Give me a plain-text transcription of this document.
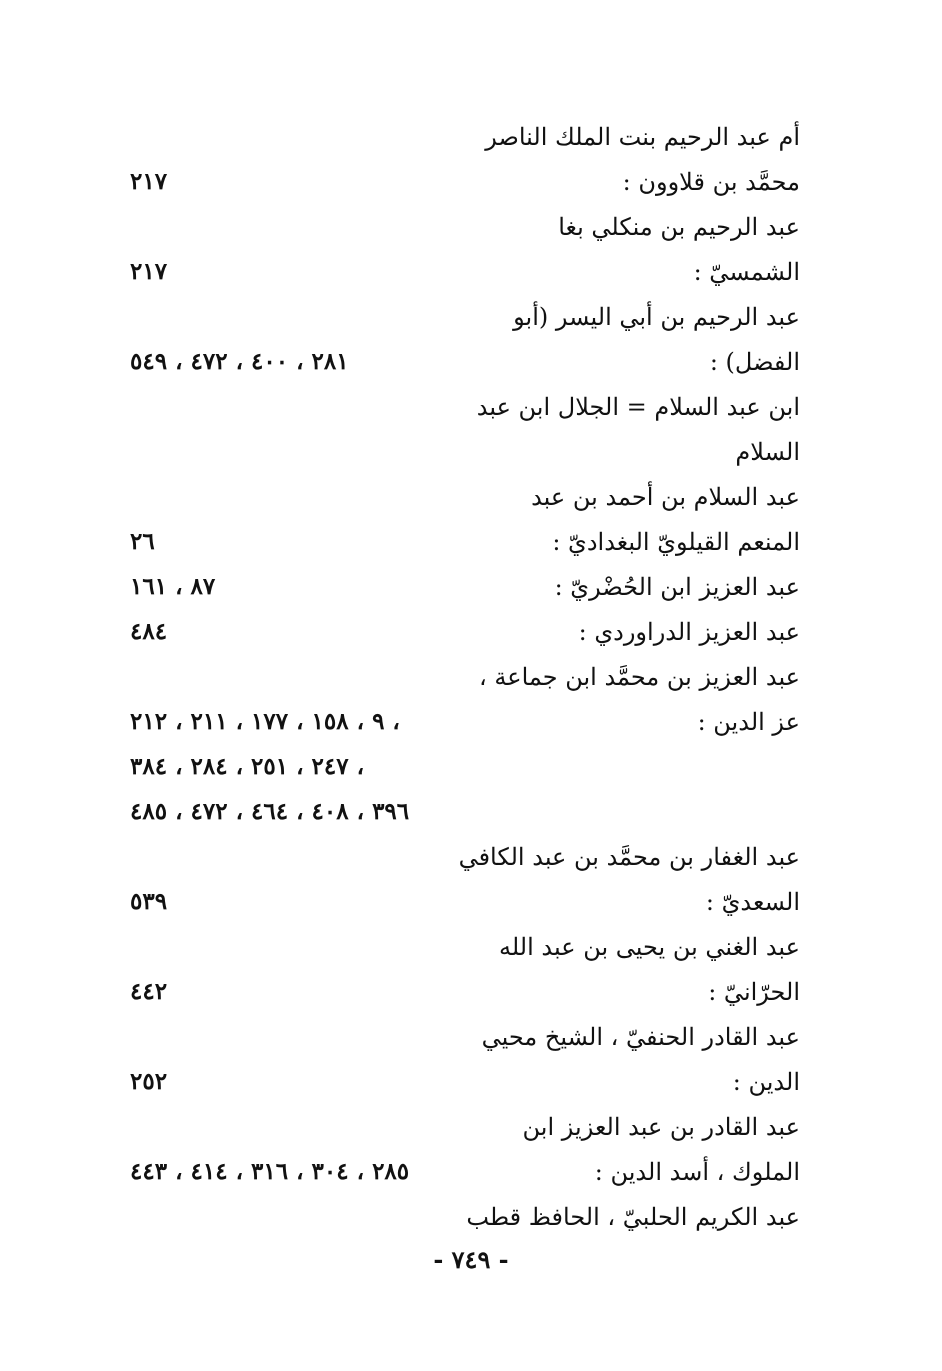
أم عبد الرحيم بنت الملك الناصر
محمَّد بن قلاوون :
٢١٧
عبد الرحيم بن منكلي بغا
الشمسيّ :
٢١٧
عبد الرحيم بن أبي اليسر (أبو
الفضل) :
٢٨١ ، ٤٠٠ ، ٤٧٢ ، ٥٤٩
ابن عبد السلام = الجلال ابن عبد
السلام
عبد السلام بن أحمد بن عبد
المنعم القيلويّ البغداديّ :
٢٦
عبد العزيز ابن الحُضْريّ :
٨٧ ، ١٦١
عبد العزيز الدراوردي :
٤٨٤
عبد العزيز بن محمَّد ابن جماعة ،
عز الدين :
٩ ، ١٥٨ ، ١٧٧ ، ٢١١ ، ٢١٢ ،
٢٤٧ ، ٢٥١ ، ٢٨٤ ، ٣٨٤ ،
٣٩٦ ، ٤٠٨ ، ٤٦٤ ، ٤٧٢ ، ٤٨٥
عبد الغفار بن محمَّد بن عبد الكافي
السعديّ :
٥٣٩
عبد الغني بن يحيى بن عبد الله
الحرّانيّ :
٤٤٢
عبد القادر الحنفيّ ، الشيخ محيي
الدين :
٢٥٢
عبد القادر بن عبد العزيز ابن
الملوك ، أسد الدين :
٢٨٥ ، ٣٠٤ ، ٣١٦ ، ٤١٤ ، ٤٤٣
عبد الكريم الحلبيّ ، الحافظ قطب
- ٧٤٩ -
